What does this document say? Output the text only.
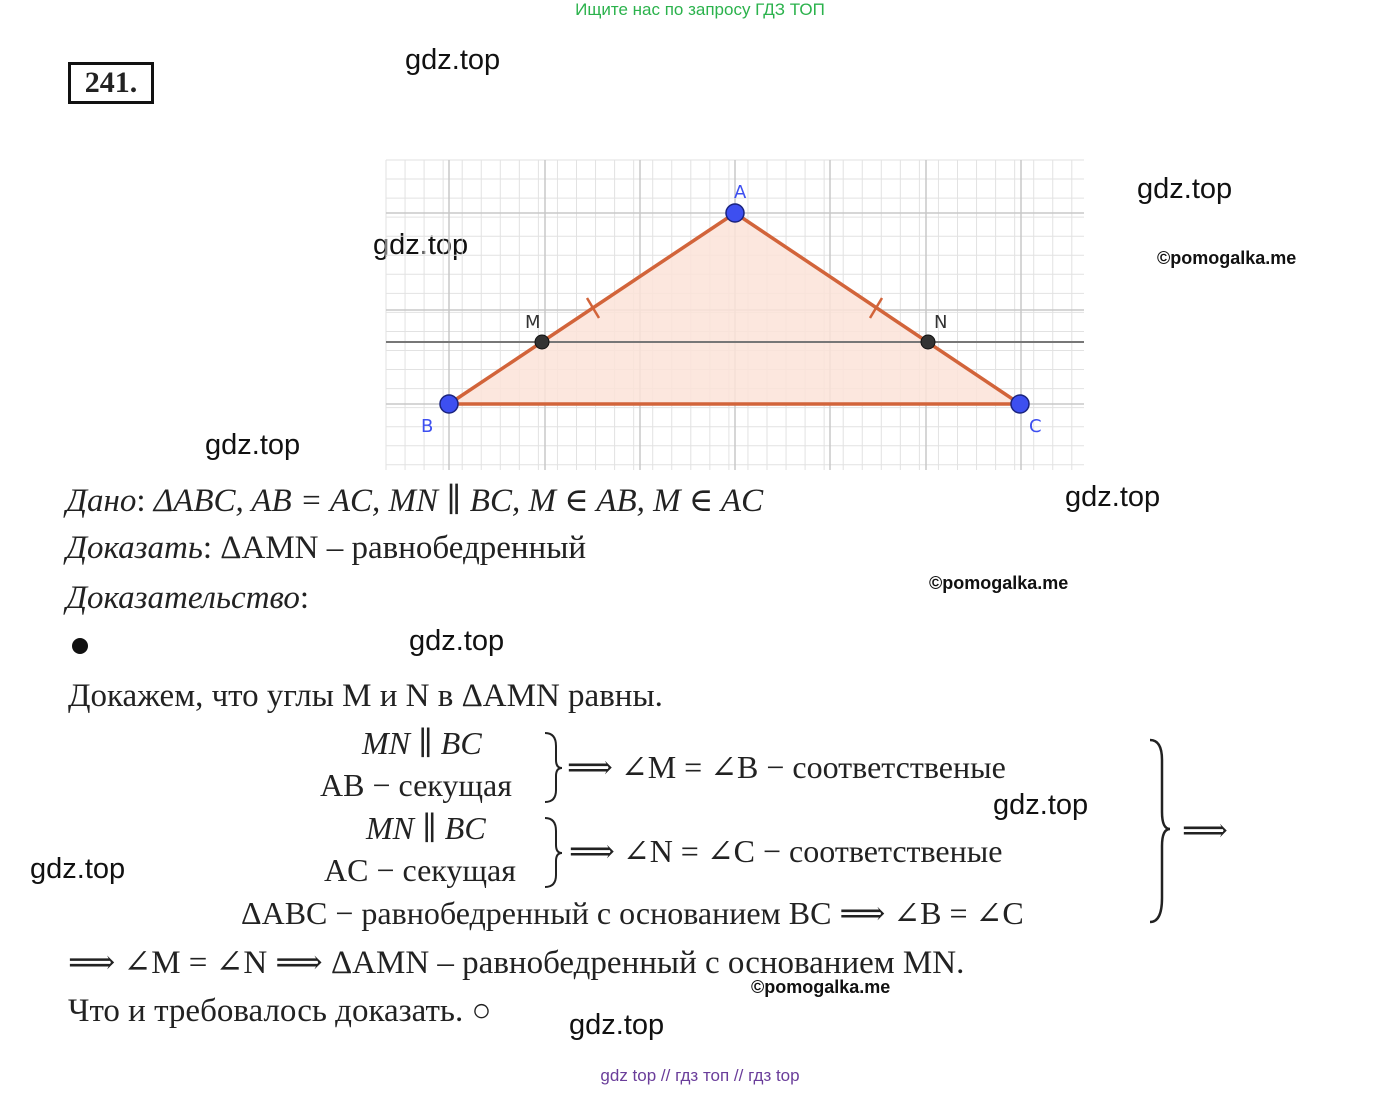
Ищите нас по запросу ГДЗ ТОП
241.
gdz.top
gdz.top
gdz.top
gdz.top
gdz.top
gdz.top
gdz.top
gdz.top
gdz.top
©pomogalka.me
©pomogalka.me
©pomogalka.me
A
B	C
M	N
Дано: ΔABC, AB = AC, MN ∥ BC, M ∈ AB, M ∈ AC
Доказать: ΔAMN – равнобедренный
Доказательство:
Докажем, что углы M и N в ΔAMN равны.
MN ∥ BC
AB − секущая ⟹ ∠M = ∠B − соответственые
MN ∥ BC
AC − секущая
⟹ ∠N = ∠C − соответственые
ΔABC − равнобедренный с основанием BC ⟹ ∠B = ∠C
⟹
⟹ ∠M = ∠N ⟹ ΔAMN – равнобедренный с основанием MN.
Что и требовалось доказать. ○
gdz top // гдз топ // гдз top
